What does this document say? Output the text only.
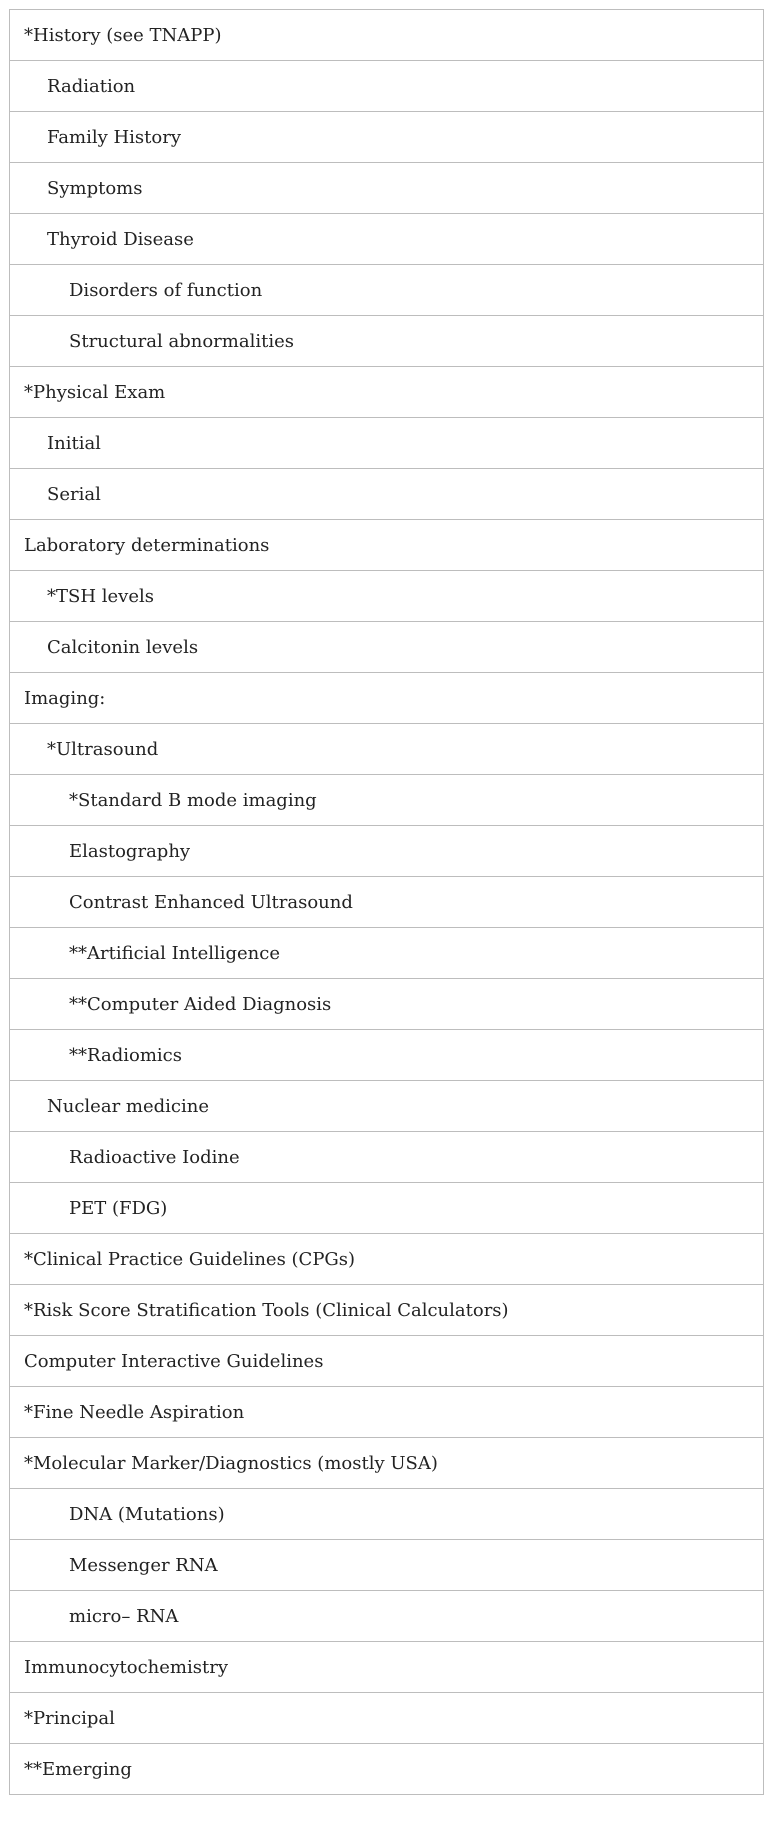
*History (see TNAPP)
Radiation
Family History
Symptoms
Thyroid Disease
Disorders of function
Structural abnormalities
*Physical Exam
Initial
Serial
Laboratory determinations
*TSH levels
Calcitonin levels
Imaging:
*Ultrasound
*Standard B mode imaging
Elastography
Contrast Enhanced Ultrasound
**Artificial Intelligence
**Computer Aided Diagnosis
**Radiomics
Nuclear medicine
Radioactive Iodine
PET (FDG)
*Clinical Practice Guidelines (CPGs)
*Risk Score Stratification Tools (Clinical Calculators)
Computer Interactive Guidelines
*Fine Needle Aspiration
*Molecular Marker/Diagnostics (mostly USA)
DNA (Mutations)
Messenger RNA
micro– RNA
Immunocytochemistry
*Principal
**Emerging
